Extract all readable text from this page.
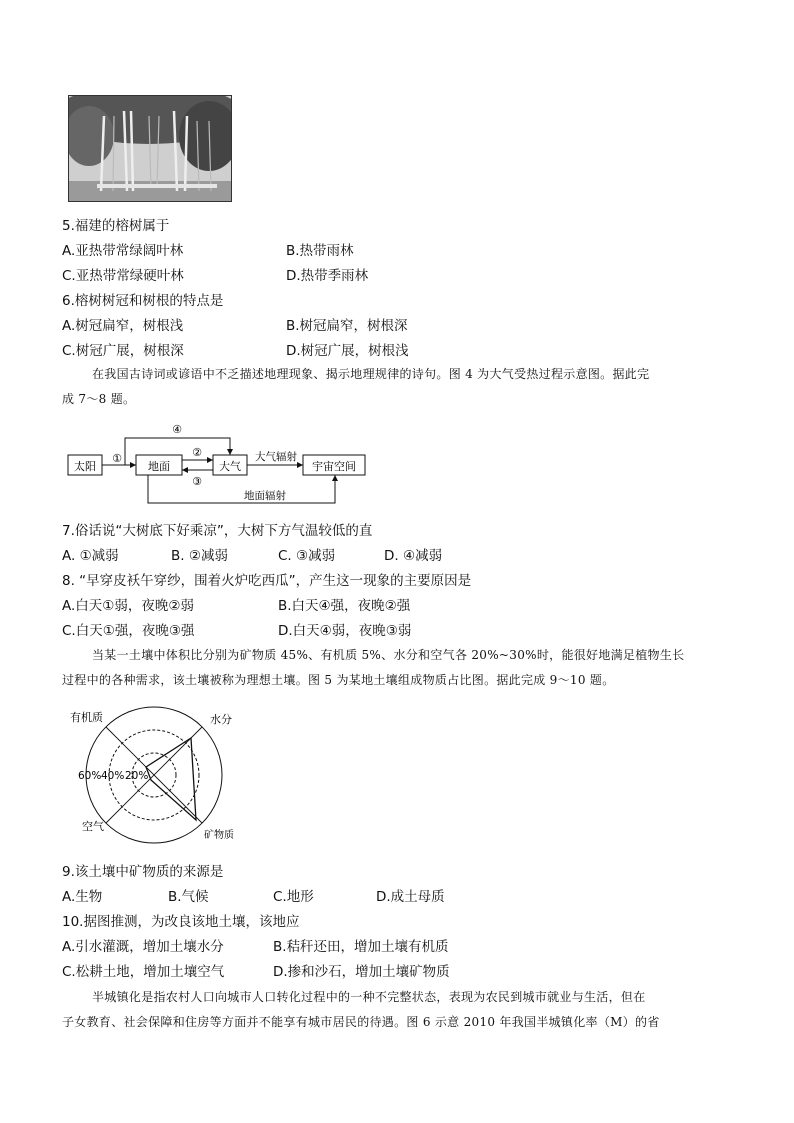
5.福建的榕树属于
A.亚热带常绿阔叶林	B.热带雨林
C.亚热带常绿硬叶林	D.热带季雨林
6.榕树树冠和树根的特点是
A.树冠扁窄，树根浅	B.树冠扁窄，树根深
C.树冠广展，树根深	D.树冠广展，树根浅
在我国古诗词或谚语中不乏描述地理现象、揭示地理规律的诗句。图 4 为大气受热过程示意图。据此完
成 7～8 题。
太阳	地面	大气	宇宙空间
大气辐射
地面辐射
①
④
②
③
7.俗话说“大树底下好乘凉”，大树下方气温较低的直
A. ①减弱	B. ②减弱	C. ③减弱	D. ④减弱
8. “早穿皮袄午穿纱，围着火炉吃西瓜”，产生这一现象的主要原因是
A.白天①弱，夜晚②弱	B.白天④强，夜晚②强
C.白天①强，夜晚③强	D.白天④弱，夜晚③弱
当某一土壤中体积比分别为矿物质 45%、有机质 5%、水分和空气各 20%~30%时，能很好地满足植物生长
过程中的各种需求，该土壤被称为理想土壤。图 5 为某地土壤组成物质占比图。据此完成 9～10 题。
有机质	水分
空气
矿物质
60% 40% 20%
9.该土壤中矿物质的来源是
A.生物	B.气候	C.地形	D.成土母质
10.据图推测，为改良该地土壤，该地应
A.引水灌溉，增加土壤水分	B.秸秆还田，增加土壤有机质
C.松耕土地，增加土壤空气	D.掺和沙石，增加土壤矿物质
半城镇化是指农村人口向城市人口转化过程中的一种不完整状态，表现为农民到城市就业与生活，但在
子女教育、社会保障和住房等方面并不能享有城市居民的待遇。图 6 示意 2010 年我国半城镇化率（M）的省
